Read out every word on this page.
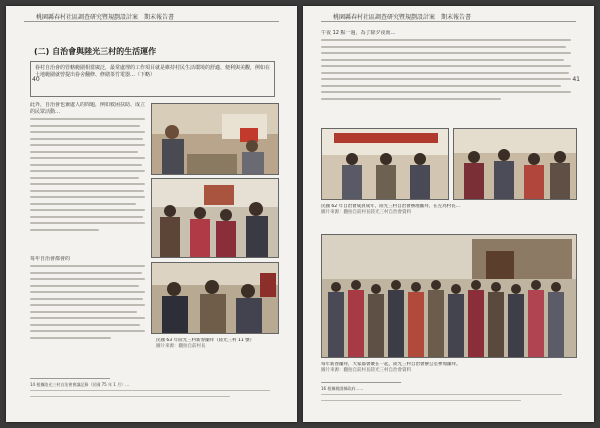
桃園縣春村社區調查研究暨規劃設計案　期末報告書
40
(二) 自治會與陸光三村的生活運作
眷村自治會的管轄範圍相當廣泛，最常處理的工作項目就是維持村民生活環境的舒適、便利與美觀，例如在土地範圍就曾提出眷舍翻修、修繕茶竹電器…（下略）
此外，自治會也兼處人的問題，例如救困扶助、成立的民眾活動…
每年自治會都會的
民國 63 年陸光三村新春團拜（陸光三村 11 號）
圖片來源：翻拍自前村長
14 根據陸光三村自治會會議記錄（民國 75 年 1 月）…
桃園縣春村社區調查研究暨規劃設計案　期末報告書
41
午夜 12 點一過，為了除夕夜而…
民國 62 年自治會成員成年，陸光三村自治會辦理團拜，在左為村長…
圖片來源：翻拍自前村長陸光三村自治會資料
每年新春團拜，大家都會聚在一起，陸光三村自治會辦公室參加團拜。
圖片來源：翻拍自前村長陸光三村自治會資料
16 根據桃園縣政府……
